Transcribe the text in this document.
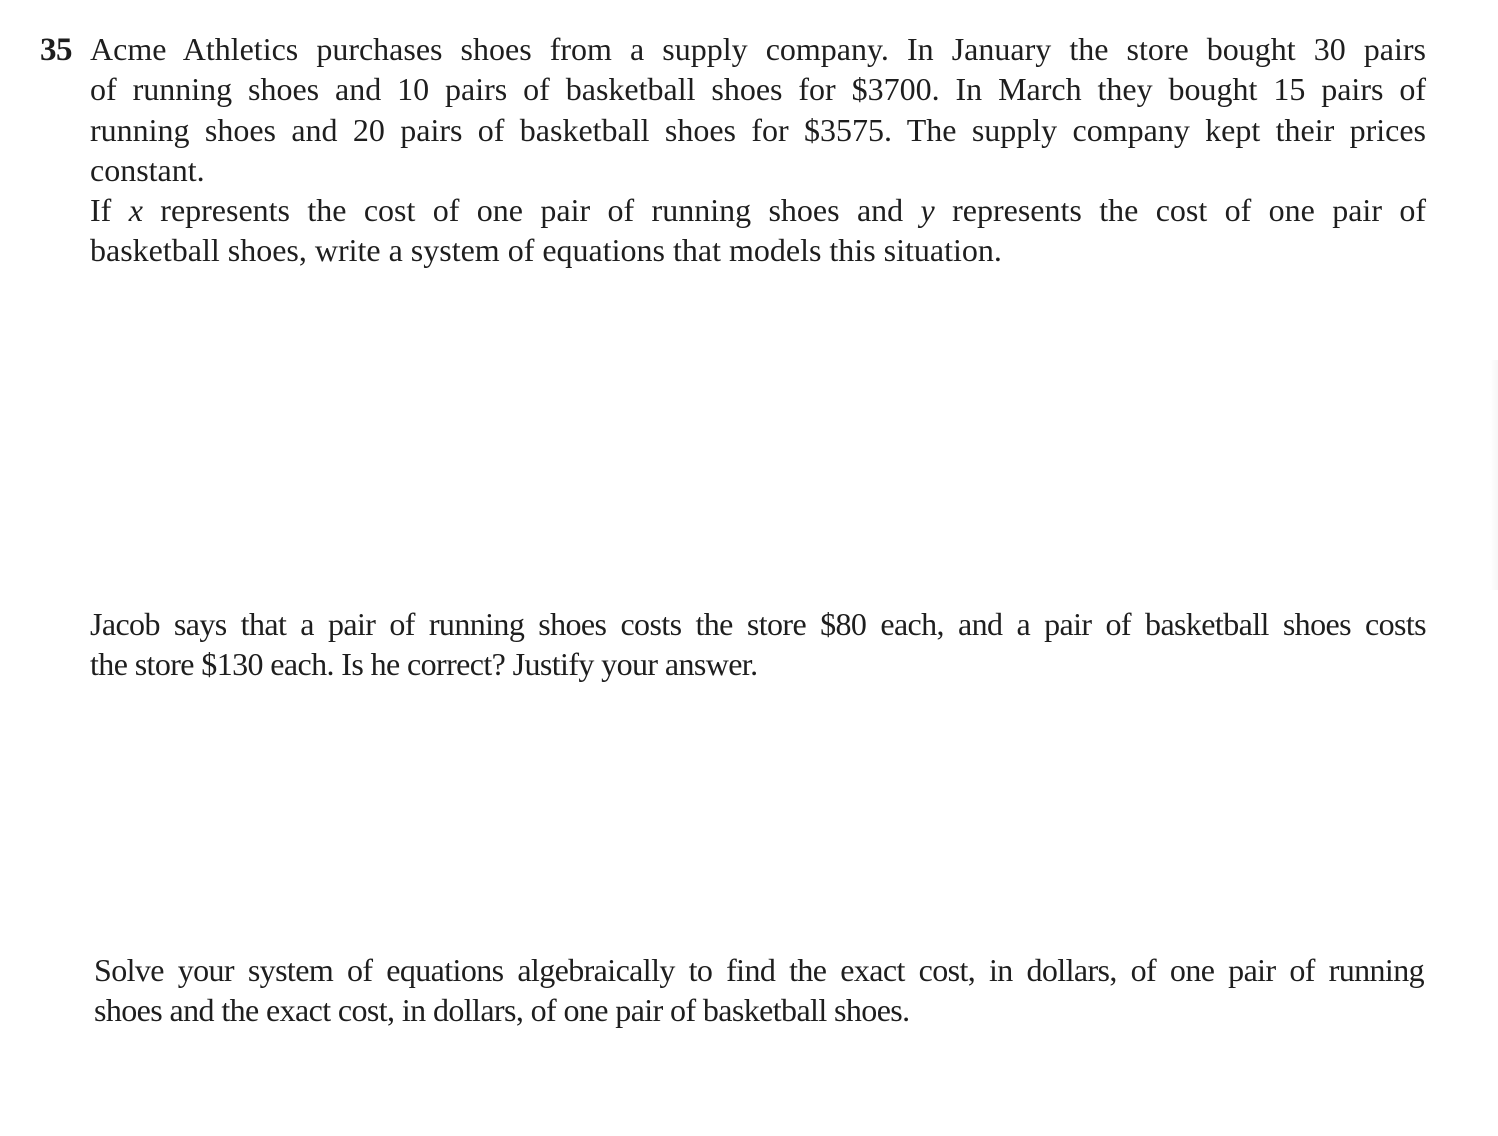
35 Acme Athletics purchases shoes from a supply company. In January the store bought 30 pairs
of running shoes and 10 pairs of basketball shoes for $3700. In March they bought 15 pairs of
running shoes and 20 pairs of basketball shoes for $3575. The supply company kept their prices
constant.
If x represents the cost of one pair of running shoes and y represents the cost of one pair of
basketball shoes, write a system of equations that models this situation.
Jacob says that a pair of running shoes costs the store $80 each, and a pair of basketball shoes costs
the store $130 each. Is he correct? Justify your answer.
Solve your system of equations algebraically to find the exact cost, in dollars, of one pair of running
shoes and the exact cost, in dollars, of one pair of basketball shoes.
